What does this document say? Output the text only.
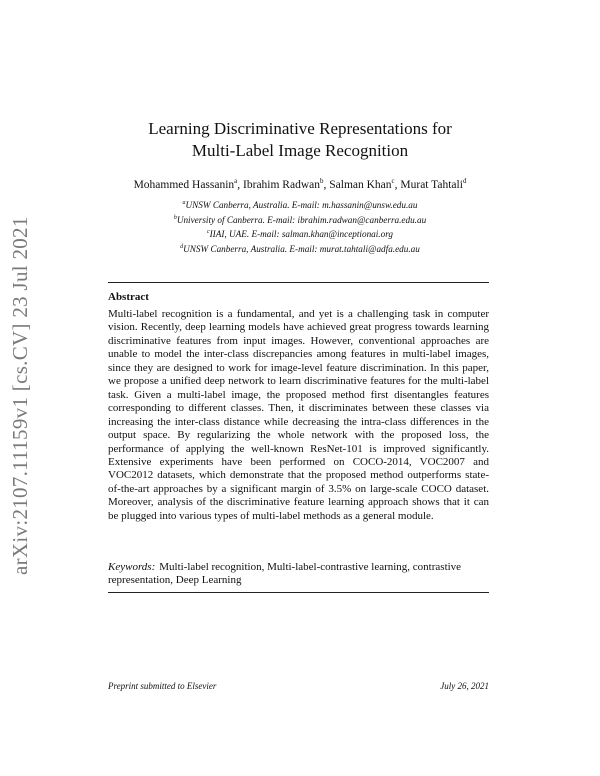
arXiv:2107.11159v1 [cs.CV] 23 Jul 2021
Learning Discriminative Representations for
Multi-Label Image Recognition
Mohammed Hassanin$^a$, Ibrahim Radwan$^b$, Salman Khan$^c$, Murat Tahtali$^d$
$^a$UNSW Canberra, Australia. E-mail: m.hassanin@unsw.edu.au
$^b$University of Canberra. E-mail: ibrahim.radwan@canberra.edu.au
$^c$IIAI, UAE. E-mail: salman.khan@inceptionai.org
$^d$UNSW Canberra, Australia. E-mail: murat.tahtali@adfa.edu.au
Abstract

Multi-label recognition is a fundamental, and yet is a challenging task in computer vision. Recently, deep learning models have achieved great progress towards learning discriminative features from input images. However, conventional approaches are unable to model the inter-class discrepancies among features in multi-label images, since they are designed to work for image-level feature discrimination. In this paper, we propose a unified deep network to learn discriminative features for the multi-label task. Given a multi-label image, the proposed method first disentangles features corresponding to different classes. Then, it discriminates between these classes via increasing the inter-class distance while decreasing the intra-class differences in the output space. By regularizing the whole network with the proposed loss, the performance of applying the well-known ResNet-101 is improved significantly. Extensive experiments have been performed on COCO-2014, VOC2007 and VOC2012 datasets, which demonstrate that the proposed method outperforms state-of-the-art approaches by a significant margin of 3.5% on large-scale COCO dataset. Moreover, analysis of the discriminative feature learning approach shows that it can be plugged into various types of multi-label methods as a general module.

Keywords: Multi-label recognition, Multi-label-contrastive learning, contrastive representation, Deep Learning

Preprint submitted to Elsevier	July 26, 2021
